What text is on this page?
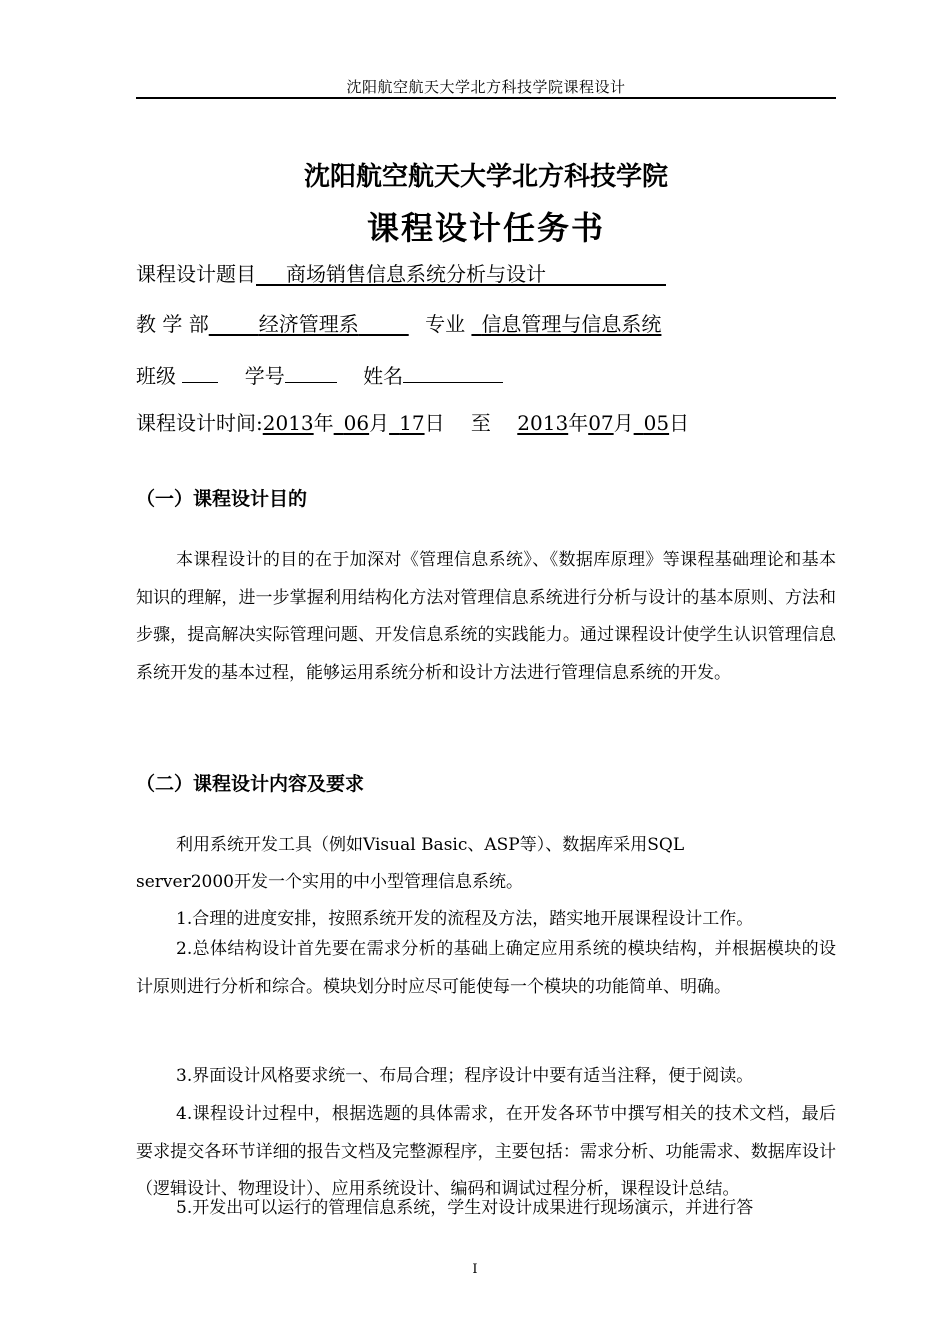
沈阳航空航天大学北方科技学院课程设计
沈阳航空航天大学北方科技学院
课程设计任务书
课程设计题目   商场销售信息系统分析与设计       
教 学 部   	经济管理系     	专业   信息管理与信息系统
班级   	学号  	姓名
课程设计时间:2013年  06月  17日   至  2013年07月  05日
（一）课程设计目的

本课程设计的目的在于加深对《管理信息系统》、《数据库原理》等课程基础理论和基本知识的理解，进一步掌握利用结构化方法对管理信息系统进行分析与设计的基本原则、方法和步骤，提高解决实际管理问题、开发信息系统的实践能力。通过课程设计使学生认识管理信息系统开发的基本过程，能够运用系统分析和设计方法进行管理信息系统的开发。

（二）课程设计内容及要求

利用系统开发工具（例如Visual Basic、ASP等）、数据库采用SQL

server2000开发一个实用的中小型管理信息系统。

1.合理的进度安排，按照系统开发的流程及方法，踏实地开展课程设计工作。

2.总体结构设计首先要在需求分析的基础上确定应用系统的模块结构，并根据模块的设计原则进行分析和综合。模块划分时应尽可能使每一个模块的功能简单、明确。

3.界面设计风格要求统一、布局合理；程序设计中要有适当注释，便于阅读。

4.课程设计过程中，根据选题的具体需求，在开发各环节中撰写相关的技术文档，最后要求提交各环节详细的报告文档及完整源程序，主要包括：需求分析、功能需求、数据库设计（逻辑设计、物理设计）、应用系统设计、编码和调试过程分析，课程设计总结。

5.开发出可以运行的管理信息系统，学生对设计成果进行现场演示，并进行答

I
